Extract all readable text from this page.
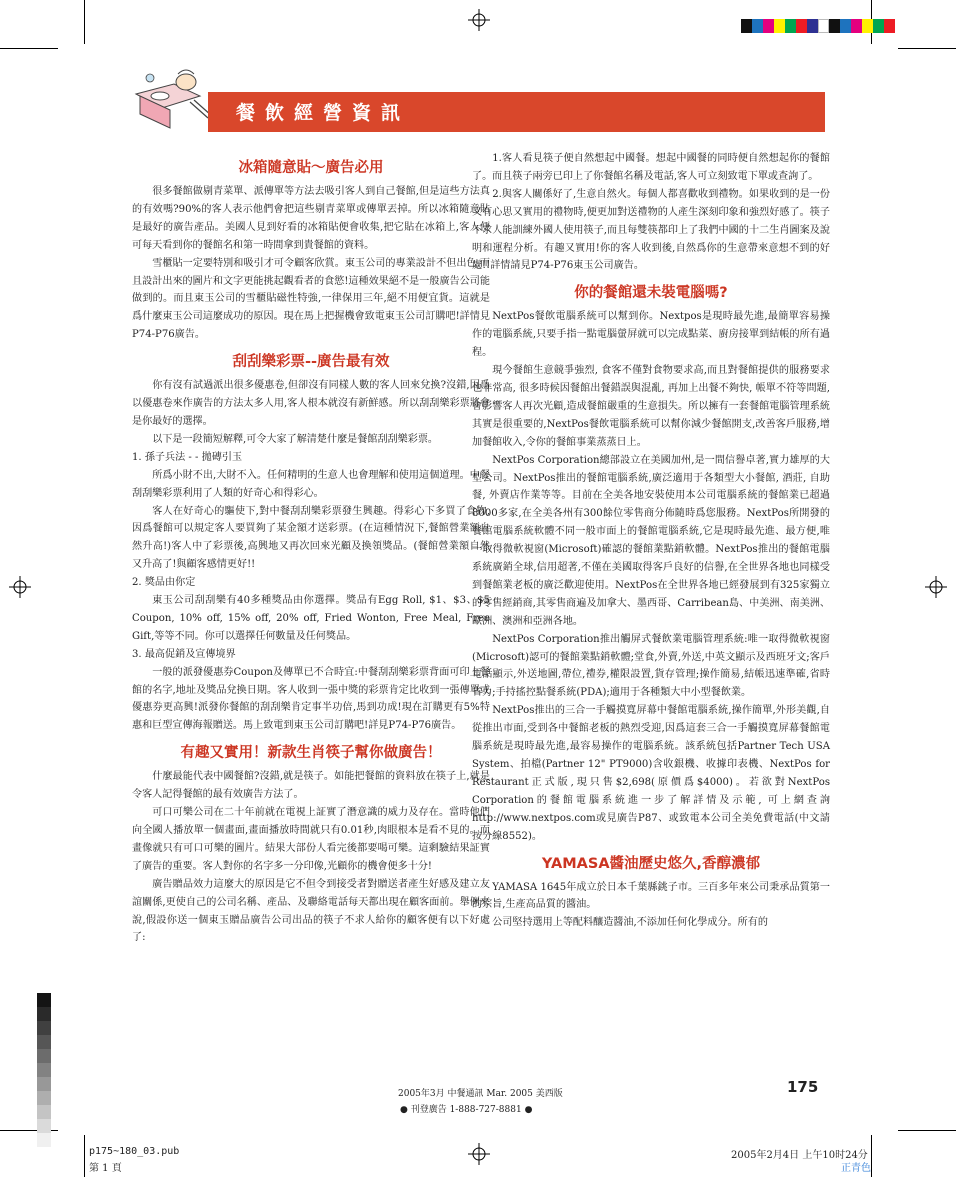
餐飲經營資訊
冰箱隨意貼～廣告必用

很多餐館做剔青菜單、派傳單等方法去吸引客人到自己餐館,但是這些方法真的有效嗎?90%的客人表示他們會把這些剔青菜單或傳單丟掉。所以冰箱隨意貼是最好的廣告產品。美國人見到好看的冰箱貼便會收集,把它貼在冰箱上,客人便可每天看到你的餐館名和第一時間拿到貴餐館的資料。

雪櫃貼一定要特別和吸引才可令顧客欣賞。東玉公司的專業設計不但出色,而且設計出來的圖片和文字更能挑起觀看者的食慾!這種效果絕不是一般廣告公司能做到的。而且東玉公司的雪櫃貼磁性特強,一律保用三年,絕不用便宜貨。這就是爲什麼東玉公司這麼成功的原因。現在馬上把握機會致電東玉公司訂購吧!詳情見P74-P76廣告。

刮刮樂彩票--廣告最有效

你有沒有試過派出很多優惠卷,但卻沒有同樣人數的客人回來兌換?沒錯,因爲以優惠卷來作廣告的方法太多人用,客人根本就沒有新鮮感。所以刮刮樂彩票將會是你最好的選擇。

以下是一段簡短解釋,可令大家了解清楚什麼是餐館刮刮樂彩票。

1. 孫子兵法 - - 拋磚引玉

所爲小財不出,大財不入。任何精明的生意人也會理解和使用這個道理。中餐刮刮樂彩票利用了人類的好奇心和得彩心。

客人在好奇心的驅使下,對中餐刮刮樂彩票發生興趣。得彩心下多買了食物,因爲餐館可以規定客人要買夠了某金額才送彩票。(在這種情況下,餐館營業額自然升高!)客人中了彩票後,高興地又再次回來光顧及換領獎品。(餐館營業額自然又升高了!與顧客感情更好!!

2. 獎品由你定

東玉公司刮刮樂有40多種獎品由你選擇。獎品有Egg Roll, $1、$3、$5 Coupon, 10% off, 15% off, 20% off, Fried Wonton, Free Meal, Free Gift,等等不同。你可以選擇任何數量及任何獎品。

3. 最高促銷及宣傳境界

一般的派發優惠券Coupon及傳單已不合時宜:中餐刮刮樂彩票背面可印上餐館的名字,地址及獎品兌換日期。客人收到一張中獎的彩票肯定比收到一張傳單或優惠券更高興!派發你餐館的刮刮樂肯定事半功倍,馬到功成!現在訂購更有5%特惠和巨型宣傳海報贈送。馬上致電到東玉公司訂購吧!詳見P74-P76廣告。

有趣又實用！新款生肖筷子幫你做廣告！

什麼最能代表中國餐館?沒錯,就是筷子。如能把餐館的資料放在筷子上,就是令客人記得餐館的最有效廣告方法了。

可口可樂公司在二十年前就在電視上証實了潛意識的威力及存在。當時他們向全國人播放單一個畫面,畫面播放時間就只有0.01秒,肉眼根本是看不見的。而畫像就只有可口可樂的圖片。結果大部份人看完後都要喝可樂。這剩驗結果証實了廣告的重要。客人對你的名字多一分印像,光顧你的機會便多十分!

廣告贈品效力這麼大的原因是它不但令到接受者對贈送者產生好感及建立友誼關係,更使自己的公司名稱、產品、及聯絡電話每天都出現在顧客面前。舉例來說,假設你送一個東玉贈品廣告公司出品的筷子不求人給你的顧客便有以下好處了:

1.客人看見筷子便自然想起中國餐。想起中國餐的同時便自然想起你的餐館了。而且筷子兩旁已印上了你餐館名稱及電話,客人可立刻致電下單或查詢了。

2.與客人關係好了,生意自然火。每個人都喜歡收到禮物。如果收到的是一份又有心思又實用的禮物時,便更加對送禮物的人產生深刻印象和強烈好感了。筷子不求人能訓練外國人使用筷子,而且每雙筷都印上了我們中國的十二生肖圖案及說明和運程分析。有趣又實用!你的客人收到後,自然爲你的生意帶來意想不到的好處!!詳情請見P74-P76東玉公司廣告。

你的餐館還未裝電腦嗎?

NextPos餐飲電腦系統可以幫到你。Nextpos是現時最先進,最簡單容易操作的電腦系統,只要手指一點電腦螢屏就可以完成點菜、廚房接單到結帳的所有過程。

現今餐館生意競爭強烈, 食客不僅對食物要求高,而且對餐館提供的服務要求也非常高, 很多時候因餐館出餐錯誤與混亂, 再加上出餐不夠快, 帳單不符等問題, 會影響客人再次光顧,造成餐館嚴重的生意損失。所以擁有一套餐館電腦管理系統其實是很重要的,NextPos餐飲電腦系統可以幫你減少餐館開支,改善客戶服務,增加餐館收入,令你的餐館事業蒸蒸日上。

NextPos Corporation總部設立在美國加州,是一間信譽卓著,實力雄厚的大型公司。NextPos推出的餐館電腦系統,廣泛適用于各類型大小餐館, 酒莊, 自助餐, 外賣店作業等等。目前在全美各地安裝使用本公司電腦系統的餐館業已超過8000多家,在全美各州有300餘位零售商分佈隨時爲您服務。NextPos所開發的餐館電腦系統軟體不同一般市面上的餐館電腦系統,它是現時最先進、最方便,唯一取得微軟視窗(Microsoft)確認的餐館業點銷軟體。NextPos推出的餐館電腦系統廣銷全球,信用超著,不僅在美國取得客戶良好的信譽,在全世界各地也同樣受到餐館業老板的廣泛歡迎使用。NextPos在全世界各地已經發展到有325家獨立的零售經銷商,其零售商遍及加拿大、墨西哥、Carribean島、中美洲、南美洲、歐洲、澳洲和亞洲各地。

NextPos Corporation推出觸屏式餐飲業電腦管理系統:唯一取得微軟視窗(Microsoft)認可的餐館業點銷軟體;堂食,外賣,外送,中英文顯示及西班牙文;客戶電話顯示,外送地圖,帶位,禮券,權限設置,貨存管理;操作簡易,結帳迅速準確,省時省力;手持搖控點餐系統(PDA);適用于各種類大中小型餐飲業。

NextPos推出的三合一手觸摸寬屏幕中餐館電腦系統,操作簡單,外形美觀,自從推出市面,受到各中餐館老板的熱烈受迎,因爲這套三合一手觸摸寬屏幕餐館電腦系統是現時最先進,最容易操作的電腦系統。該系統包括Partner Tech USA System、拍檔(Partner 12" PT9000)含收銀機、收據印表機、NextPos for Restaurant正式版,現只售$2,698(原價爲$4000)。若欲對NextPos Corporation的餐館電腦系統進一步了解詳情及示範, 可上網查詢http://www.nextpos.com或見廣告P87、或致電本公司全美免費電話(中文請按分線8552)。

YAMASA醬油歷史悠久,香醇濃郁

YAMASA 1645年成立於日本千葉縣銚子市。三百多年來公司秉承品質第一的宗旨,生產高品質的醬油。

公司堅持選用上等配料釀造醬油,不添加任何化學成分。所有的

175
2005年3月 中餐通訊 Mar. 2005 美西版
● 刊登廣告 1-888-727-8881 ●
p175~180_03.pub
第 1 頁
2005年2月4日 上午10时24分
正青色
